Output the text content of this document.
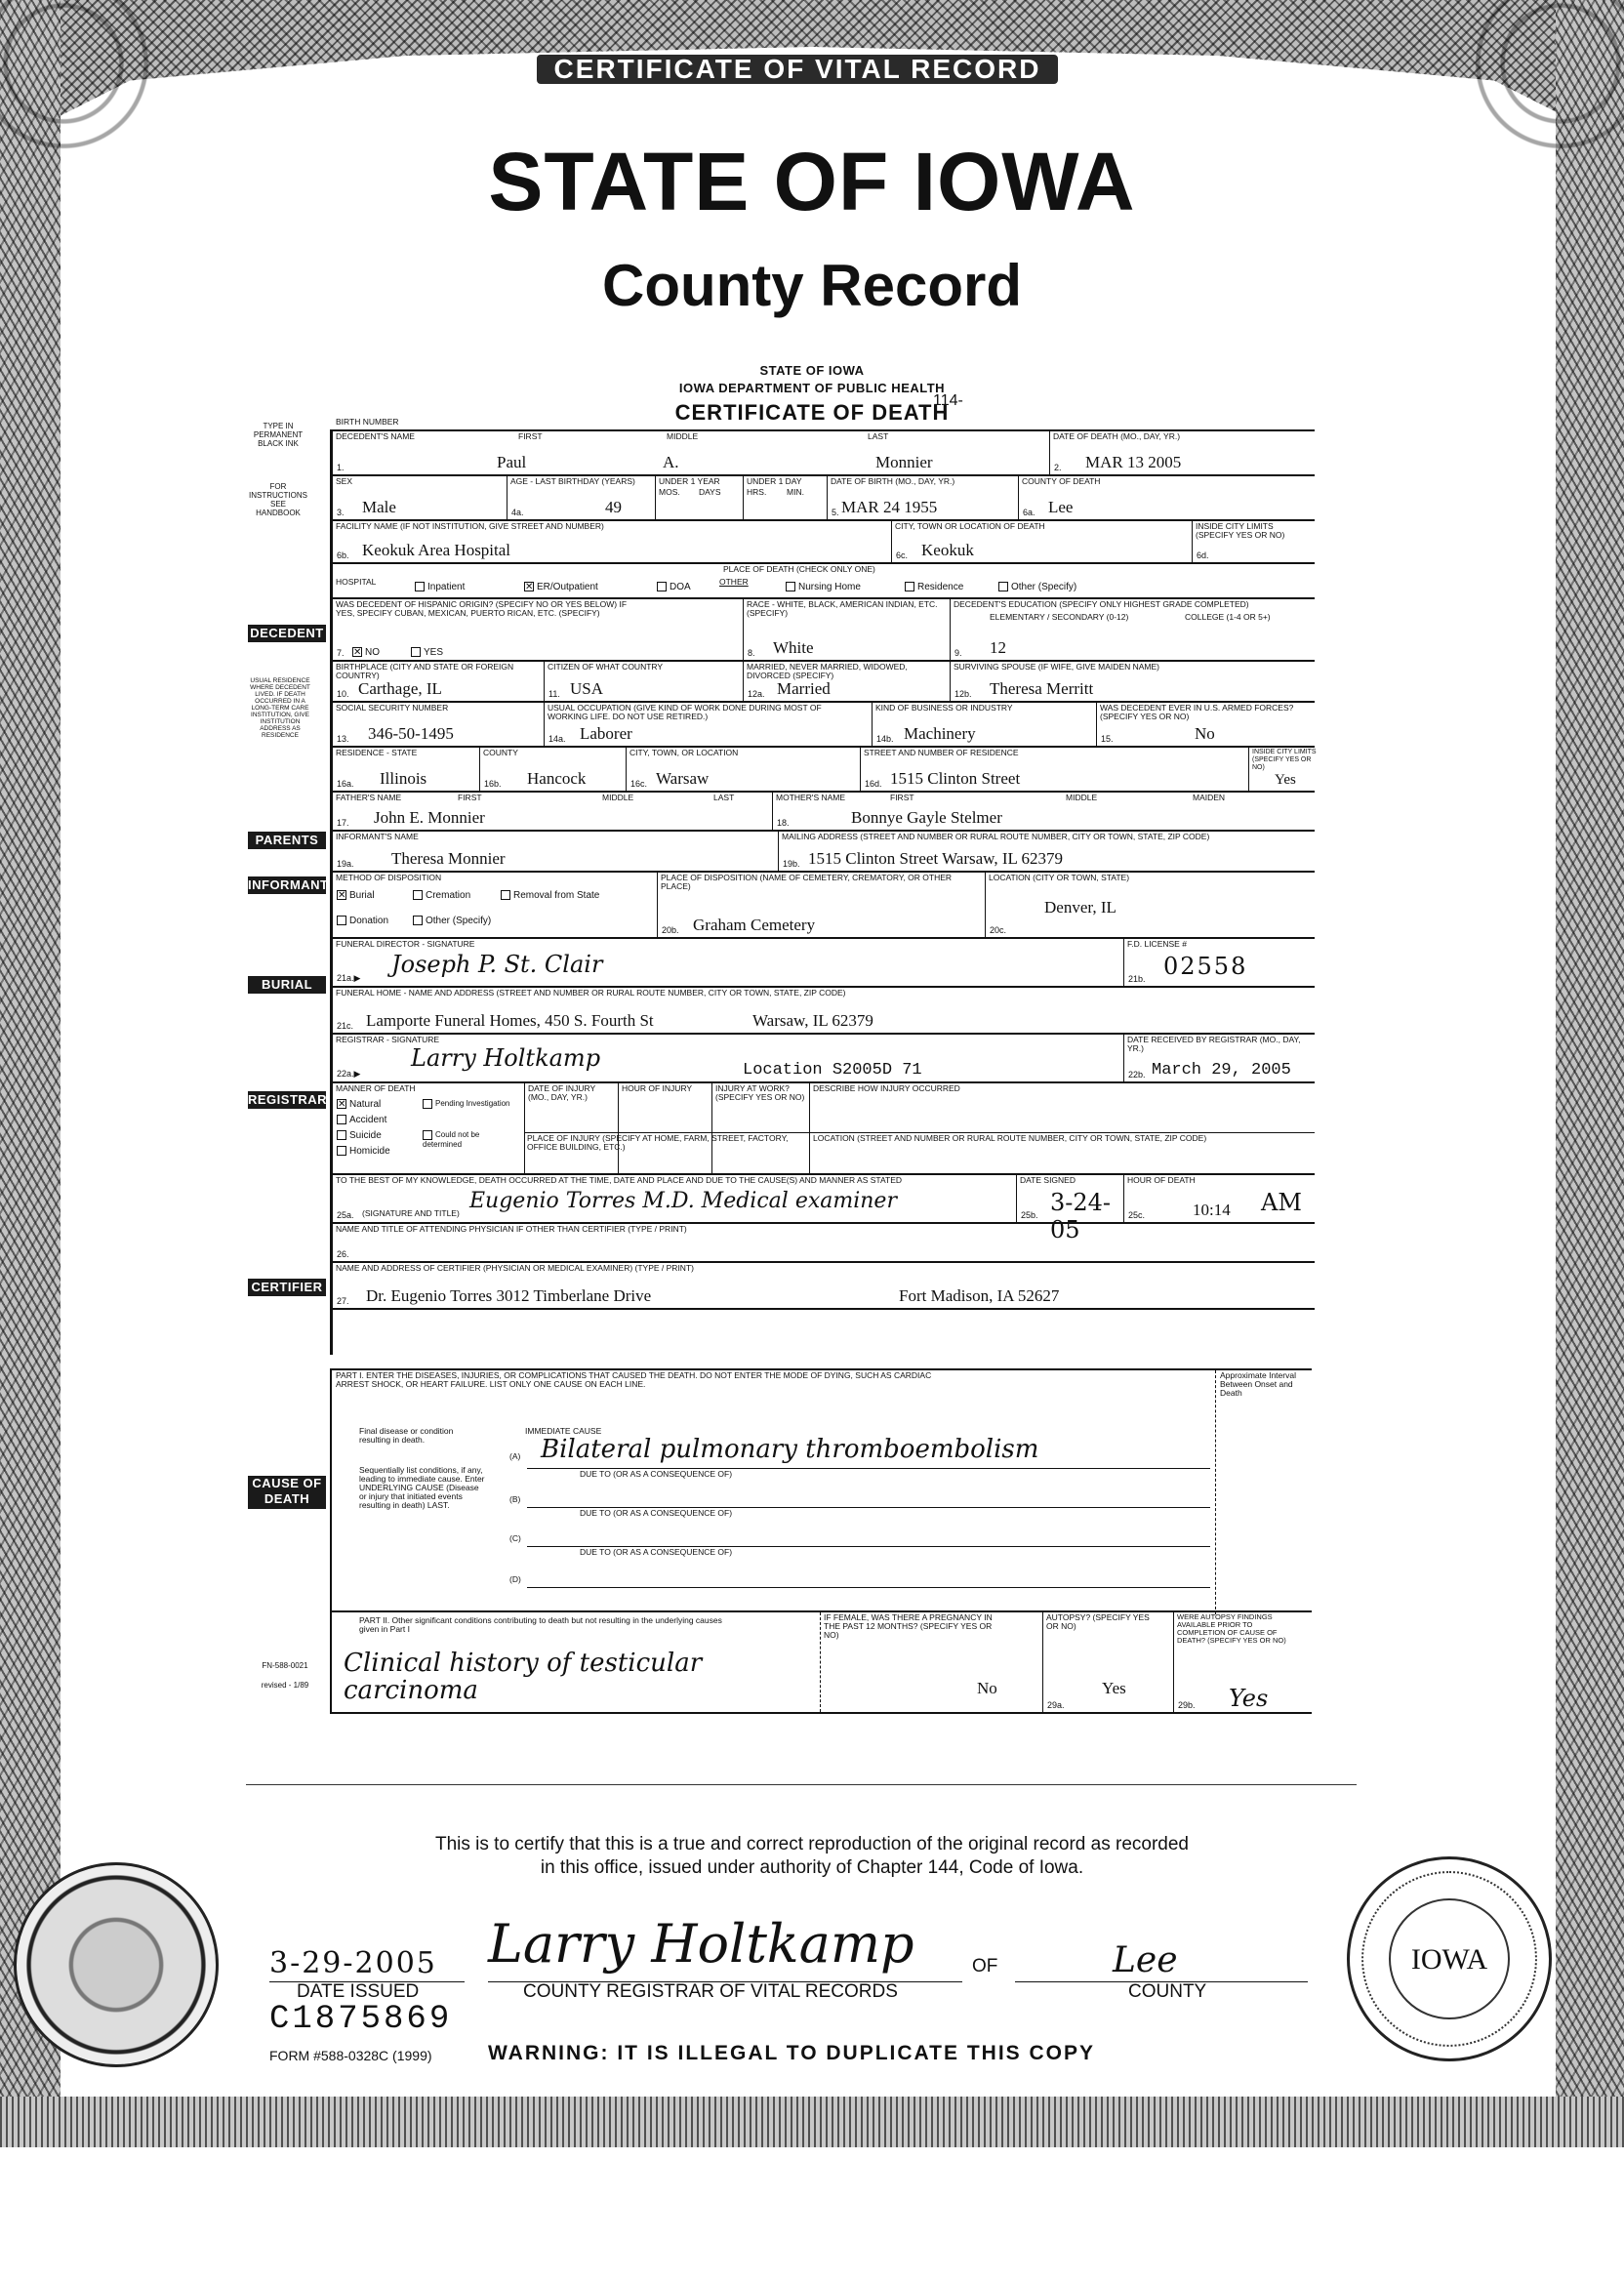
CERTIFICATE OF VITAL RECORD
STATE OF IOWA
County Record
STATE OF IOWA
IOWA DEPARTMENT OF PUBLIC HEALTH
CERTIFICATE OF DEATH
114-
TYPE IN PERMANENT BLACK INK
FOR INSTRUCTIONS SEE HANDBOOK
USUAL RESIDENCE WHERE DECEDENT LIVED. IF DEATH OCCURRED IN A LONG-TERM CARE INSTITUTION, GIVE INSTITUTION ADDRESS AS RESIDENCE
BIRTH NUMBER
FN-588-0021
revised - 1/89
DECEDENT
PARENTS
INFORMANT
BURIAL
REGISTRAR
CERTIFIER
CAUSE OF DEATH
DECEDENT'S NAME	FIRST	MIDDLE	LAST
1.	Paul	A.	Monnier
DATE OF DEATH (MO., DAY, YR.)
2. MAR 13 2005
SEX
3. Male
AGE - LAST BIRTHDAY (YEARS)
4a.	49
UNDER 1 YEAR
MOS. DAYS
UNDER 1 DAY
HRS. MIN.
DATE OF BIRTH (MO., DAY, YR.)
5. MAR 24 1955
COUNTY OF DEATH
6a. Lee
FACILITY NAME (IF NOT INSTITUTION, GIVE STREET AND NUMBER)
6b. Keokuk Area Hospital
CITY, TOWN OR LOCATION OF DEATH
6c. Keokuk
INSIDE CITY LIMITS (SPECIFY YES OR NO)
6d.
PLACE OF DEATH (CHECK ONLY ONE)
HOSPITAL	Inpatient	✕ ER/Outpatient	DOA	OTHER	Nursing Home	Residence	Other (Specify)
WAS DECEDENT OF HISPANIC ORIGIN? (SPECIFY NO OR YES BELOW) IF YES, SPECIFY CUBAN, MEXICAN, PUERTO RICAN, ETC. (SPECIFY)
7. ✕ NO	YES
RACE - WHITE, BLACK, AMERICAN INDIAN, ETC. (SPECIFY)
8. White
DECEDENT'S EDUCATION (SPECIFY ONLY HIGHEST GRADE COMPLETED)
ELEMENTARY / SECONDARY (0-12)	COLLEGE (1-4 OR 5+)
9. 12
BIRTHPLACE (CITY AND STATE OR FOREIGN COUNTRY)
10. Carthage, IL
CITIZEN OF WHAT COUNTRY
11. USA
MARRIED, NEVER MARRIED, WIDOWED, DIVORCED (SPECIFY)
12a. Married
SURVIVING SPOUSE (IF WIFE, GIVE MAIDEN NAME)
12b. Theresa Merritt
SOCIAL SECURITY NUMBER
13. 346-50-1495
USUAL OCCUPATION (GIVE KIND OF WORK DONE DURING MOST OF WORKING LIFE. DO NOT USE RETIRED.)
14a. Laborer
KIND OF BUSINESS OR INDUSTRY
14b. Machinery
WAS DECEDENT EVER IN U.S. ARMED FORCES? (SPECIFY YES OR NO)
15.	No
RESIDENCE - STATE
16a. Illinois
COUNTY
16b. Hancock
CITY, TOWN, OR LOCATION
16c. Warsaw
STREET AND NUMBER OF RESIDENCE
16d. 1515 Clinton Street
INSIDE CITY LIMITS (SPECIFY YES OR NO)
Yes
FATHER'S NAME	FIRST	MIDDLE	LAST
17. John E. Monnier
MOTHER'S NAME	FIRST	MIDDLE	MAIDEN
18.	Bonnye Gayle Stelmer
INFORMANT'S NAME
19a. Theresa Monnier
MAILING ADDRESS (STREET AND NUMBER OR RURAL ROUTE NUMBER, CITY OR TOWN, STATE, ZIP CODE)
19b. 1515 Clinton Street Warsaw, IL 62379
METHOD OF DISPOSITION
✕ Burial	Cremation	Removal from State
Donation	Other (Specify)
PLACE OF DISPOSITION (NAME OF CEMETERY, CREMATORY, OR OTHER PLACE)
20b. Graham Cemetery
LOCATION (CITY OR TOWN, STATE)
20c.
Denver, IL
FUNERAL DIRECTOR - SIGNATURE
21a.▶ Joseph P. St. Clair
F.D. LICENSE #
21b. 02558
FUNERAL HOME - NAME AND ADDRESS (STREET AND NUMBER OR RURAL ROUTE NUMBER, CITY OR TOWN, STATE, ZIP CODE)
21c. Lamporte Funeral Homes, 450 S. Fourth St	Warsaw, IL 62379
REGISTRAR - SIGNATURE
22a.▶
Larry Holtkamp	Location S2005D 71
DATE RECEIVED BY REGISTRAR (MO., DAY, YR.)
22b. March 29, 2005
MANNER OF DEATH
✕ Natural
Accident
Suicide
Homicide
Pending Investigation
Could not be determined
DATE OF INJURY (MO., DAY, YR.)
HOUR OF INJURY	INJURY AT WORK? (SPECIFY YES OR NO)
DESCRIBE HOW INJURY OCCURRED
PLACE OF INJURY (SPECIFY AT HOME, FARM, STREET, FACTORY, OFFICE BUILDING, ETC.)
LOCATION (STREET AND NUMBER OR RURAL ROUTE NUMBER, CITY OR TOWN, STATE, ZIP CODE)
TO THE BEST OF MY KNOWLEDGE, DEATH OCCURRED AT THE TIME, DATE AND PLACE AND DUE TO THE CAUSE(S) AND MANNER AS STATED
25a. (SIGNATURE AND TITLE) Eugenio Torres M.D. Medical examiner
DATE SIGNED
25b. 3-24-05
HOUR OF DEATH
25c.	10:14 AM
NAME AND TITLE OF ATTENDING PHYSICIAN IF OTHER THAN CERTIFIER (TYPE / PRINT)
26.
NAME AND ADDRESS OF CERTIFIER (PHYSICIAN OR MEDICAL EXAMINER) (TYPE / PRINT)
27. Dr. Eugenio Torres 3012 Timberlane Drive	Fort Madison, IA 52627
PART I. ENTER THE DISEASES, INJURIES, OR COMPLICATIONS THAT CAUSED THE DEATH. DO NOT ENTER THE MODE OF DYING, SUCH AS CARDIAC ARREST SHOCK, OR HEART FAILURE. LIST ONLY ONE CAUSE ON EACH LINE.
Approximate Interval Between Onset and Death
Final disease or condition resulting in death.
Sequentially list conditions, if any, leading to immediate cause. Enter UNDERLYING CAUSE (Disease or injury that initiated events resulting in death) LAST.
IMMEDIATE CAUSE
(A) Bilateral pulmonary thromboembolism
DUE TO (OR AS A CONSEQUENCE OF)
(B)
DUE TO (OR AS A CONSEQUENCE OF)
(C)
DUE TO (OR AS A CONSEQUENCE OF)
(D)
PART II. Other significant conditions contributing to death but not resulting in the underlying causes given in Part I
Clinical history of testicular carcinoma
IF FEMALE, WAS THERE A PREGNANCY IN THE PAST 12 MONTHS? (SPECIFY YES OR NO)
No
AUTOPSY? (SPECIFY YES OR NO)
29a.
Yes
WERE AUTOPSY FINDINGS AVAILABLE PRIOR TO COMPLETION OF CAUSE OF DEATH? (SPECIFY YES OR NO)
29b. Yes
This is to certify that this is a true and correct reproduction of the original record as recorded
in this office, issued under authority of Chapter 144, Code of Iowa.
IOWA
3-29-2005
DATE ISSUED
Larry Holtkamp
COUNTY REGISTRAR OF VITAL RECORDS
OF	Lee
COUNTY
C1875869
FORM #588-0328C (1999)	WARNING: IT IS ILLEGAL TO DUPLICATE THIS COPY
